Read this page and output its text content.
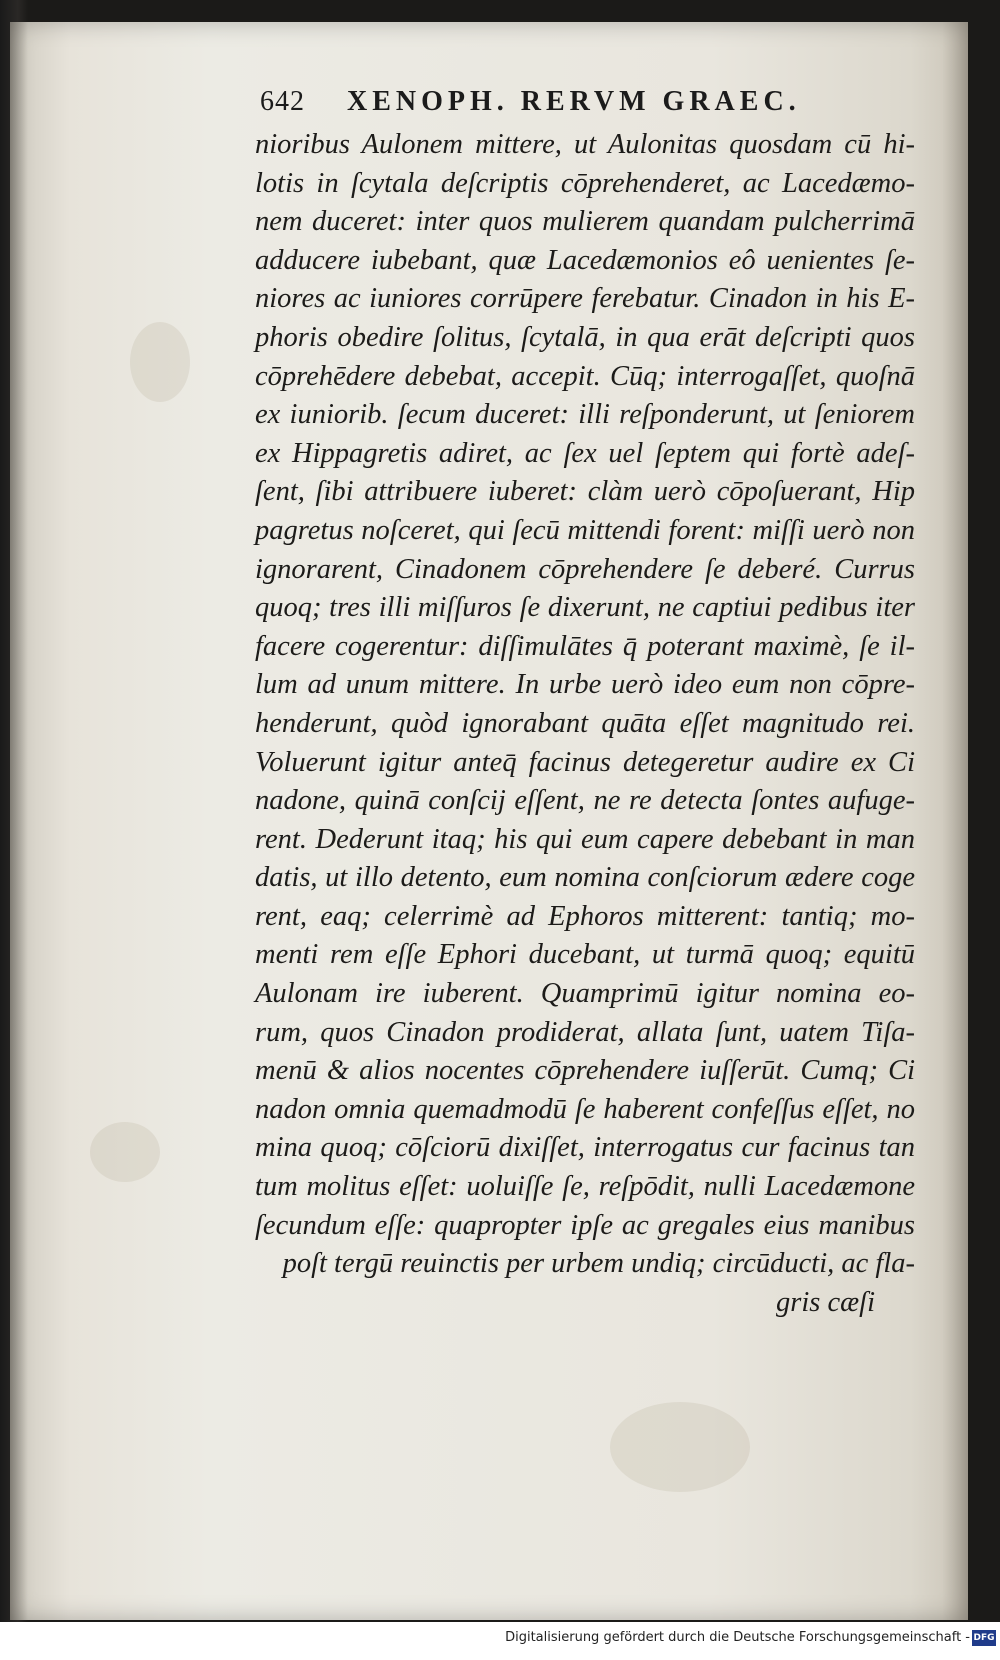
642 XENOPH. RERVM GRAEC.
nioribus Aulonem mittere, ut Aulonitas quosdam cū hi-
lotis in ſcytala deſcriptis cōprehenderet, ac Lacedæmo-
nem duceret: inter quos mulierem quandam pulcherrimā
adducere iubebant, quæ Lacedæmonios eô uenientes ſe-
niores ac iuniores corrūpere ferebatur. Cinadon in his E-
phoris obedire ſolitus, ſcytalā, in qua erāt deſcripti quos
cōprehēdere debebat, accepit. Cūq; interrogaſſet, quoſnā
ex iuniorib. ſecum duceret: illi reſponderunt, ut ſeniorem
ex Hippagretis adiret, ac ſex uel ſeptem qui fortè adeſ-
ſent, ſibi attribuere iuberet: clàm uerò cōpoſuerant, Hip
pagretus noſceret, qui ſecū mittendi forent: miſſi uerò non
ignorarent, Cinadonem cōprehendere ſe deberé. Currus
quoq; tres illi miſſuros ſe dixerunt, ne captiui pedibus iter
facere cogerentur: diſſimulātes q̄ poterant maximè, ſe il-
lum ad unum mittere. In urbe uerò ideo eum non cōpre-
henderunt, quòd ignorabant quāta eſſet magnitudo rei.
Voluerunt igitur anteq̄ facinus detegeretur audire ex Ci
nadone, quinā conſcij eſſent, ne re detecta ſontes aufuge-
rent. Dederunt itaq; his qui eum capere debebant in man
datis, ut illo detento, eum nomina conſciorum ædere coge
rent, eaq; celerrimè ad Ephoros mitterent: tantiq; mo-
menti rem eſſe Ephori ducebant, ut turmā quoq; equitū
Aulonam ire iuberent. Quamprimū igitur nomina eo-
rum, quos Cinadon prodiderat, allata ſunt, uatem Tiſa-
menū & alios nocentes cōprehendere iuſſerūt. Cumq; Ci
nadon omnia quemadmodū ſe haberent confeſſus eſſet, no
mina quoq; cōſciorū dixiſſet, interrogatus cur facinus tan
tum molitus eſſet: uoluiſſe ſe, reſpōdit, nulli Lacedæmone
ſecundum eſſe: quapropter ipſe ac gregales eius manibus
poſt tergū reuinctis per urbem undiq; circūducti, ac fla-
gris cæſi
Digitalisierung gefördert durch die Deutsche Forschungsgemeinschaft - DFG
